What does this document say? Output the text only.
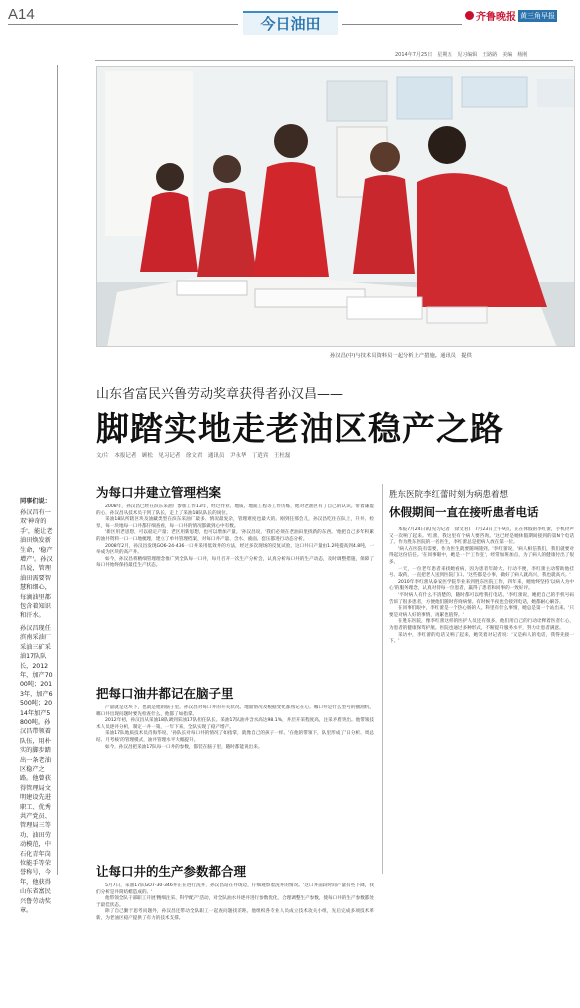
A14
今日油田	齐鲁晚报 黄三角早报
2014年7月25日　星期五　见习编辑　王路路　美编　杨刚
同事们说：
孙汉昌有一双'神奇的手'，能让老油田焕发新生命，'稳产增产'。孙汉昌说，管理油田需要智慧和细心，每滴油里都包含着知识和汗水。
孙汉昌现任滨南采油厂采油三矿采油17队队长，2012年，加产7000吨；2013年，加产6500吨；2014年加产5800吨。孙汉昌带领着队伍，用朴实的脚步踏出一条老油区稳产之路。他曾获得管理局文明建设先进职工、优秀共产党员、管理局三等功、油田劳动模范，中石化青年岗位能手等荣誉称号，今年，他获得山东省富民兴鲁劳动奖章。
孙汉昌(中)与技术员资料员一起分析上产措施。通讯员　提供
山东省富民兴鲁劳动奖章获得者孙汉昌——
脚踏实地走老油区稳产之路
文/片　本报记者　顾松　见习记者　徐文君　通讯员　尹永华　丁逍宾　王杜磊
为每口井建立管理档案

2008年，孙汉昌已经在滨东采油厂参加工作13年，经过作业、地质、地面工程等工作历练，他对老油区有了自己的认识。带着谦虚的心，孙汉昌从技术员干到了队长，走上了采油18队队长的岗位。

采油18队所辖区块及油藏类型在滨东采油厂最多、情况最复杂，管理难度也最大的。刚到任那会儿，孙汉昌吃住在队上，升井、检泵，每一块地每一口井都仔细查看，每一口井的情况都做到心中有数。

'新区用老思想，可以稳定产量；老区用新思想，也可以增加产量。'孙汉昌说，'我们必须在老油田里找新的东西。'他把自己多年积累的油井资料一口一口地梳理，建立了单井管理档案，对每口井产量、含水、液面、套压都进行动态分析。

2008年2月，孙汉昌发现GO6-24-436一口井采用低效井的方法，经过多次现场的反复试验，这口井日产量由1.2吨提高到4.8吨，一举成为区块的高产井。

如今，孙汉昌将精细管理理念推广到全队每一口井，每月召开一次生产分析会，认真分析每口井的生产动态，及时调整措施，保障了每口井始终保持最佳生产状态。

把每口油井都记在脑子里

产量就是这块下，也就是他的脑子里。孙汉昌对每口井的开关状况、地面情况及根据变化都熟记在心。哪口井是什么型号的抽油机，哪口井出现问题时要先检查什么，他都了如指掌。

2012年初，孙汉昌从采油18队调到采油17队担任队长。采油17队油井含水高达98.1%，井层开采程度高，注采矛盾突出。他带领技术人员逐井分析，制定一井一策，一年下来，全队实现了稳产增产。

采油17队地质技术员肖海华说，'孙队长对每口井的情况了如指掌，就像自己的孩子一样。'在他的带领下，队里形成了'日分析、周总结、月考核'的管理模式，油井管理水平大幅提升。

如今，孙汉昌把采油17队每一口井的参数，都装在脑子里，随时都能说出来。

让每口井的生产参数都合理

5月7日，采油17队GO7-30-346井正在进行洗井，孙汉昌站在井场边，仔细观察着洗井的情况。'这口井前段时间产量有些下降，我们分析是井筒结蜡造成的。'

他带领全队干部职工开展'精细注采、科学配产'活动，对全队油水井逐井进行参数优化，合理调整生产参数，使每口井的生产参数都处于最佳状态。

除了自己勤于思考问题外，孙汉昌还带动全队职工一起查问题找差距。他组织各专业人员成立技术攻关小组，先后完成多项技术革新，为老油区稳产提供了有力的技术支撑。

胜东医院李红蕾时刻为病患着想
休假期间一直在接听患者电话

本报7月24日讯(见习记者　徐文君)　7月23日上午9点，正在休假的李红蕾，手机铃声又一次响了起来。'红蕾，我这里有个病人要咨询。'这已经是她休假期间接到的第N个电话了。作为胜东医院的一名医生，李红蕾总是把病人放在第一位。

'病人在医院有需要，作为医生就要随叫随到。'李红蕾说，'病人相信我们，我们就要对得起这份信任。'在同事眼中，她是一个'工作狂'，经常加班加点，为了病人的健康付出了很多。

一天，一位老年患者来找她看病，因为患者年龄大、行动不便，李红蕾主动帮助他挂号、取药，一直把老人送到医院门口。'这些都是小事，做好了病人就高兴，我也就高兴。'

2010年李红蕾从泰安医学院毕业来到胜东医院工作，四年来，她始终坚持'以病人为中心'的服务理念，认真对待每一位患者，赢得了患者和同事的一致好评。

'平时病人有什么不清楚的，随时都可以给我打电话。'李红蕾说，她把自己的手机号码告诉了很多患者，方便他们随时咨询病情。有时候半夜也会接到电话，她都耐心解答。

在同事们眼中，李红蕾是一个热心肠的人。科里有什么事情，她总是第一个站出来。'只要是对病人好的事情，再累也值得。'

在胜东医院，像李红蕾这样的医护人员还有很多，他们用自己的行动诠释着医者仁心，为患者的健康保驾护航。医院也通过多种形式，不断提升服务水平，努力让患者满意。

采访中，李红蕾的电话又响了起来，她笑着对记者说：'又是病人的电话，我得先接一下。'
